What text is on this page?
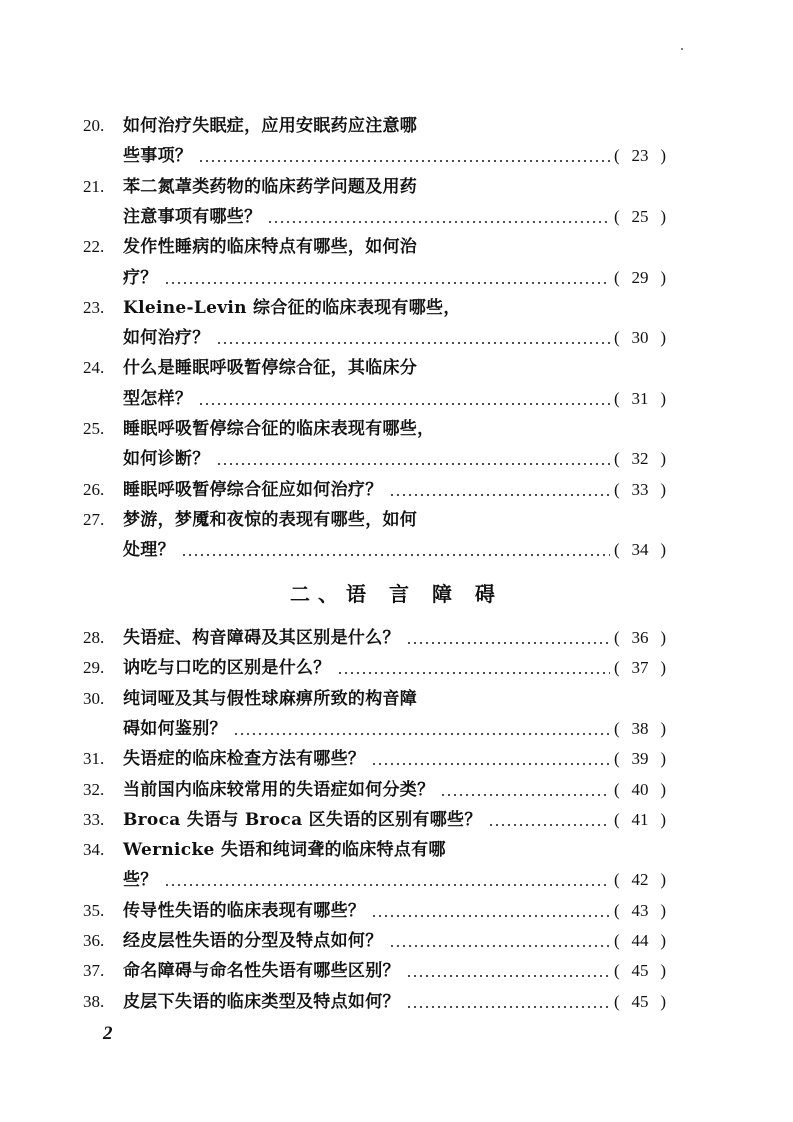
20.	如何治疗失眠症，应用安眠药应注意哪
些事项？	( 23 )
21.	苯二氮䓬类药物的临床药学问题及用药
注意事项有哪些？	( 25 )
22.	发作性睡病的临床特点有哪些，如何治
疗？	( 29 )
23.	Kleine-Levin 综合征的临床表现有哪些，
如何治疗？	( 30 )
24.	什么是睡眠呼吸暂停综合征，其临床分
型怎样？	( 31 )
25.	睡眠呼吸暂停综合征的临床表现有哪些，
如何诊断？	( 32 )
26.	睡眠呼吸暂停综合征应如何治疗？	( 33 )
27.	梦游，梦魇和夜惊的表现有哪些，如何
处理？	( 34 )
二、语 言 障 碍
28.	失语症、构音障碍及其区别是什么？	( 36 )
29.	讷吃与口吃的区别是什么？	( 37 )
30.	纯词哑及其与假性球麻痹所致的构音障
碍如何鉴别？	( 38 )
31.	失语症的临床检查方法有哪些？	( 39 )
32.	当前国内临床较常用的失语症如何分类？	( 40 )
33.	Broca 失语与 Broca 区失语的区别有哪些？	( 41 )
34.	Wernicke 失语和纯词聋的临床特点有哪
些？	( 42 )
35.	传导性失语的临床表现有哪些？	( 43 )
36.	经皮层性失语的分型及特点如何？	( 44 )
37.	命名障碍与命名性失语有哪些区别？	( 45 )
38.	皮层下失语的临床类型及特点如何？	( 45 )
2
